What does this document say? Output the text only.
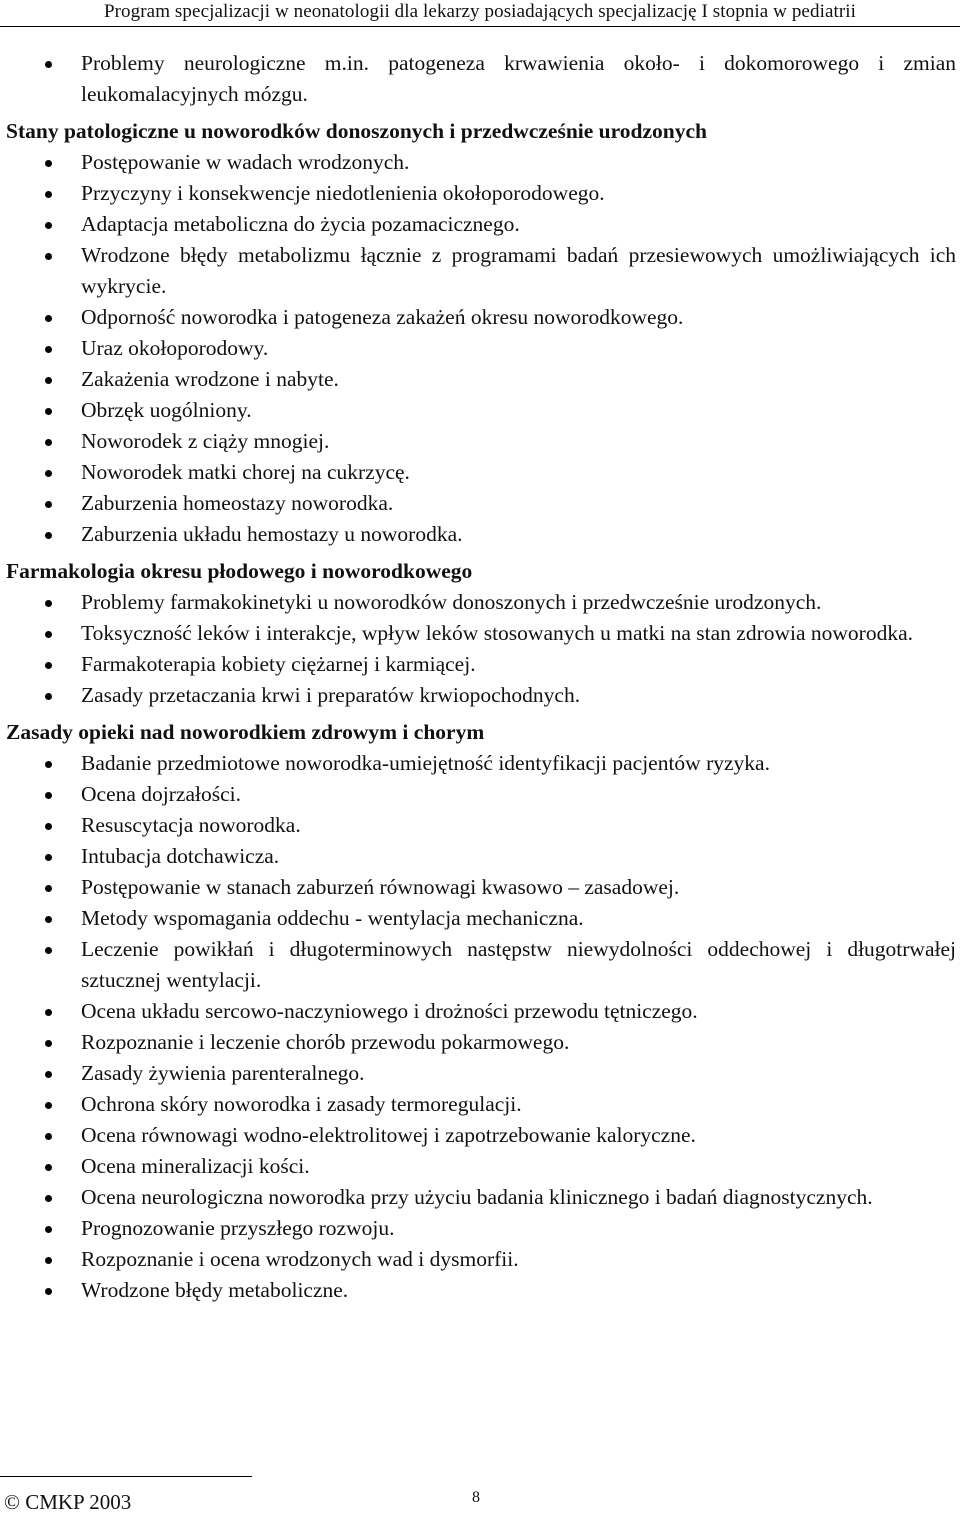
Program specjalizacji w neonatologii dla lekarzy posiadających specjalizację I stopnia w pediatrii
Problemy neurologiczne m.in. patogeneza krwawienia około- i dokomorowego i zmian leukomalacyjnych mózgu.
Stany patologiczne u noworodków donoszonych i przedwcześnie urodzonych
Postępowanie w wadach wrodzonych.
Przyczyny i konsekwencje niedotlenienia okołoporodowego.
Adaptacja metaboliczna do życia pozamacicznego.
Wrodzone błędy metabolizmu łącznie z programami badań przesiewowych umożliwiających ich wykrycie.
Odporność noworodka i patogeneza zakażeń okresu noworodkowego.
Uraz okołoporodowy.
Zakażenia wrodzone i nabyte.
Obrzęk uogólniony.
Noworodek z ciąży mnogiej.
Noworodek matki chorej na cukrzycę.
Zaburzenia homeostazy noworodka.
Zaburzenia układu hemostazy u noworodka.
Farmakologia okresu płodowego i noworodkowego
Problemy farmakokinetyki u noworodków donoszonych i przedwcześnie urodzonych.
Toksyczność leków i interakcje, wpływ leków stosowanych u matki na stan zdrowia noworodka.
Farmakoterapia kobiety ciężarnej i karmiącej.
Zasady przetaczania krwi i preparatów krwiopochodnych.
Zasady opieki nad noworodkiem zdrowym i chorym
Badanie przedmiotowe noworodka-umiejętność identyfikacji pacjentów ryzyka.
Ocena dojrzałości.
Resuscytacja noworodka.
Intubacja dotchawicza.
Postępowanie w stanach zaburzeń równowagi kwasowo – zasadowej.
Metody wspomagania oddechu - wentylacja mechaniczna.
Leczenie powikłań i długoterminowych następstw niewydolności oddechowej i długotrwałej sztucznej wentylacji.
Ocena układu sercowo-naczyniowego i drożności przewodu tętniczego.
Rozpoznanie i leczenie chorób przewodu pokarmowego.
Zasady żywienia parenteralnego.
Ochrona skóry noworodka i zasady termoregulacji.
Ocena równowagi wodno-elektrolitowej i zapotrzebowanie kaloryczne.
Ocena mineralizacji kości.
Ocena neurologiczna noworodka przy użyciu badania klinicznego i badań diagnostycznych.
Prognozowanie przyszłego rozwoju.
Rozpoznanie i ocena wrodzonych wad i dysmorfii.
Wrodzone błędy metaboliczne.
© CMKP 2003	8
